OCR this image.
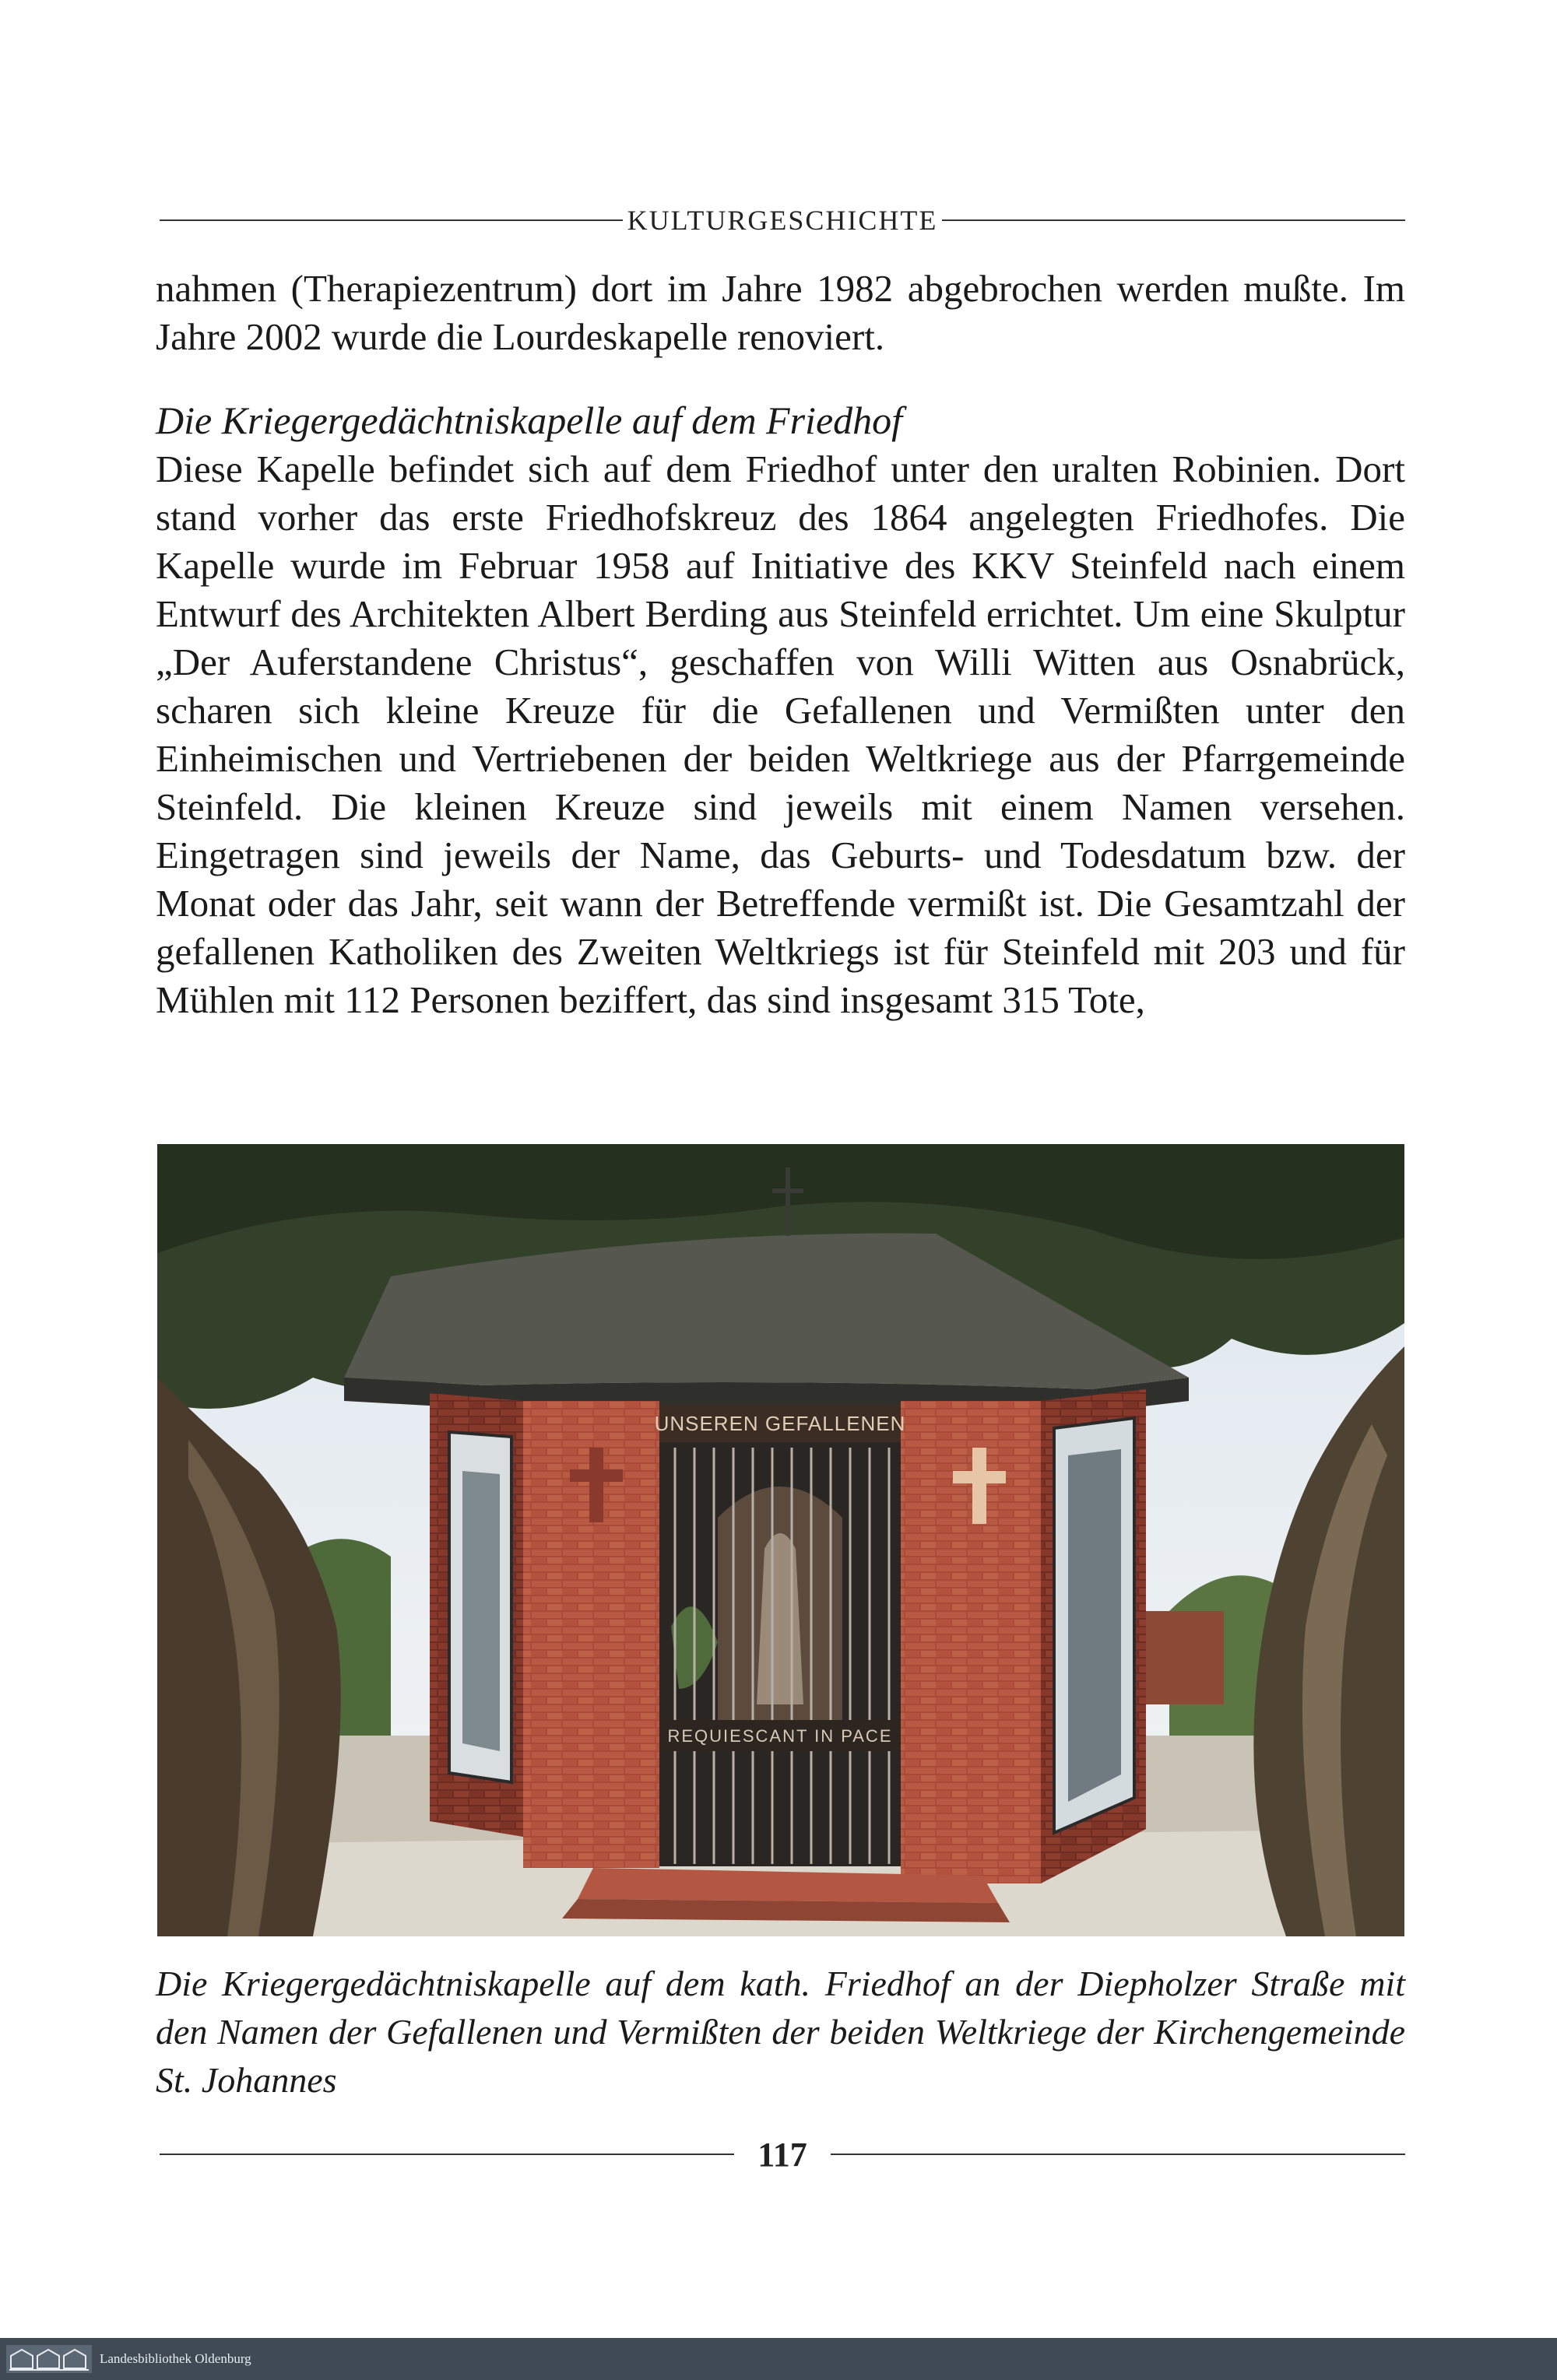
KULTURGESCHICHTE

nahmen (Therapiezentrum) dort im Jahre 1982 abgebrochen werden mußte. Im Jahre 2002 wurde die Lourdeskapelle renoviert.

Die Kriegergedächtniskapelle auf dem Friedhof

Diese Kapelle befindet sich auf dem Friedhof unter den uralten Robinien. Dort stand vorher das erste Friedhofskreuz des 1864 angelegten Friedhofes. Die Kapelle wurde im Februar 1958 auf Initiative des KKV Steinfeld nach einem Entwurf des Architekten Albert Berding aus Steinfeld errichtet. Um eine Skulptur „Der Auferstandene Christus“, geschaffen von Willi Witten aus Osnabrück, scharen sich kleine Kreuze für die Gefallenen und Vermißten unter den Einheimischen und Vertriebenen der beiden Weltkriege aus der Pfarrgemeinde Steinfeld. Die kleinen Kreuze sind jeweils mit einem Namen versehen. Eingetragen sind jeweils der Name, das Geburts- und Todesdatum bzw. der Monat oder das Jahr, seit wann der Betreffende vermißt ist. Die Gesamtzahl der gefallenen Katholiken des Zweiten Weltkriegs ist für Steinfeld mit 203 und für Mühlen mit 112 Personen beziffert, das sind insgesamt 315 Tote,

UNSEREN GEFALLENEN
REQUIESCANT IN PACE
Die Kriegergedächtniskapelle auf dem kath. Friedhof an der Diepholzer Straße mit den Namen der Gefallenen und Vermißten der beiden Weltkriege der Kirchengemeinde St. Johannes
117
Landesbibliothek Oldenburg
